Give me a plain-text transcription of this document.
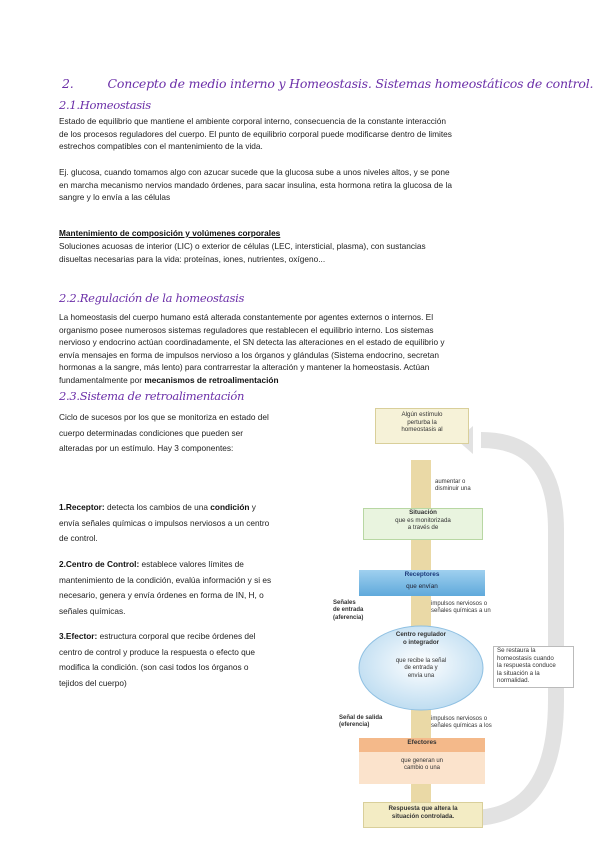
2.	Concepto de medio interno y Homeostasis. Sistemas homeostáticos de control.
2.1.Homeostasis
Estado de equilibrio que mantiene el ambiente corporal interno, consecuencia de la constante interacción
de los procesos reguladores del cuerpo. El punto de equilibrio corporal puede modificarse dentro de limites
estrechos compatibles con el mantenimiento de la vida.
Ej. glucosa, cuando tomamos algo con azucar sucede que la glucosa sube a unos niveles altos, y se pone
en marcha mecanismo nervios mandado órdenes, para sacar insulina, esta hormona retira la glucosa de la
sangre y lo envía a las células
Mantenimiento de composición y volúmenes corporales
Soluciones acuosas de interior (LIC) o exterior de células (LEC, intersticial, plasma), con sustancias
disueltas necesarias para la vida: proteínas, iones, nutrientes, oxígeno...
2.2.Regulación de la homeostasis
La homeostasis del cuerpo humano está alterada constantemente por agentes externos o internos. El
organismo posee numerosos sistemas reguladores que restablecen el equilibrio interno. Los sistemas
nervioso y endocrino actúan coordinadamente, el SN detecta las alteraciones en el estado de equilibrio y
envía mensajes en forma de impulsos nervioso a los órganos y glándulas (Sistema endocrino, secretan
hormonas a la sangre, más lento) para contrarrestar la alteración y mantener la homeostasis. Actúan
fundamentalmente por mecanismos de retroalimentación
2.3.Sistema de retroalimentación
Ciclo de sucesos por los que se monitoriza en estado del
cuerpo determinadas condiciones que pueden ser
alteradas por un estímulo. Hay 3 componentes:
1.Receptor: detecta los cambios de una condición y
envía señales químicas o impulsos nerviosos a un centro
de control.
2.Centro de Control: establece valores límites de
mantenimiento de la condición, evalúa información y si es
necesario, genera y envía órdenes en forma de IN, H, o
señales químicas.
3.Efector: estructura corporal que recibe órdenes del
centro de control y produce la respuesta o efecto que
modifica la condición. (son casi todos los órganos o
tejidos del cuerpo)
Algún estímulo
perturba la
homeostasis al
aumentar o
disminuir una
Situación
que es monitorizada
a través de
Receptores
que envían
Señales
de entrada
(aferencia)
impulsos nerviosos o
señales químicas a un
Centro regulador
o integrador
que recibe la señal
de entrada y
envía una
Se restaura la
homeostasis cuando
la respuesta conduce
la situación a la
normalidad.
Señal de salida
(eferencia)
impulsos nerviosos o
señales químicas a los
Efectores
que generan un
cambio o una
Respuesta que altera la
situación controlada.
